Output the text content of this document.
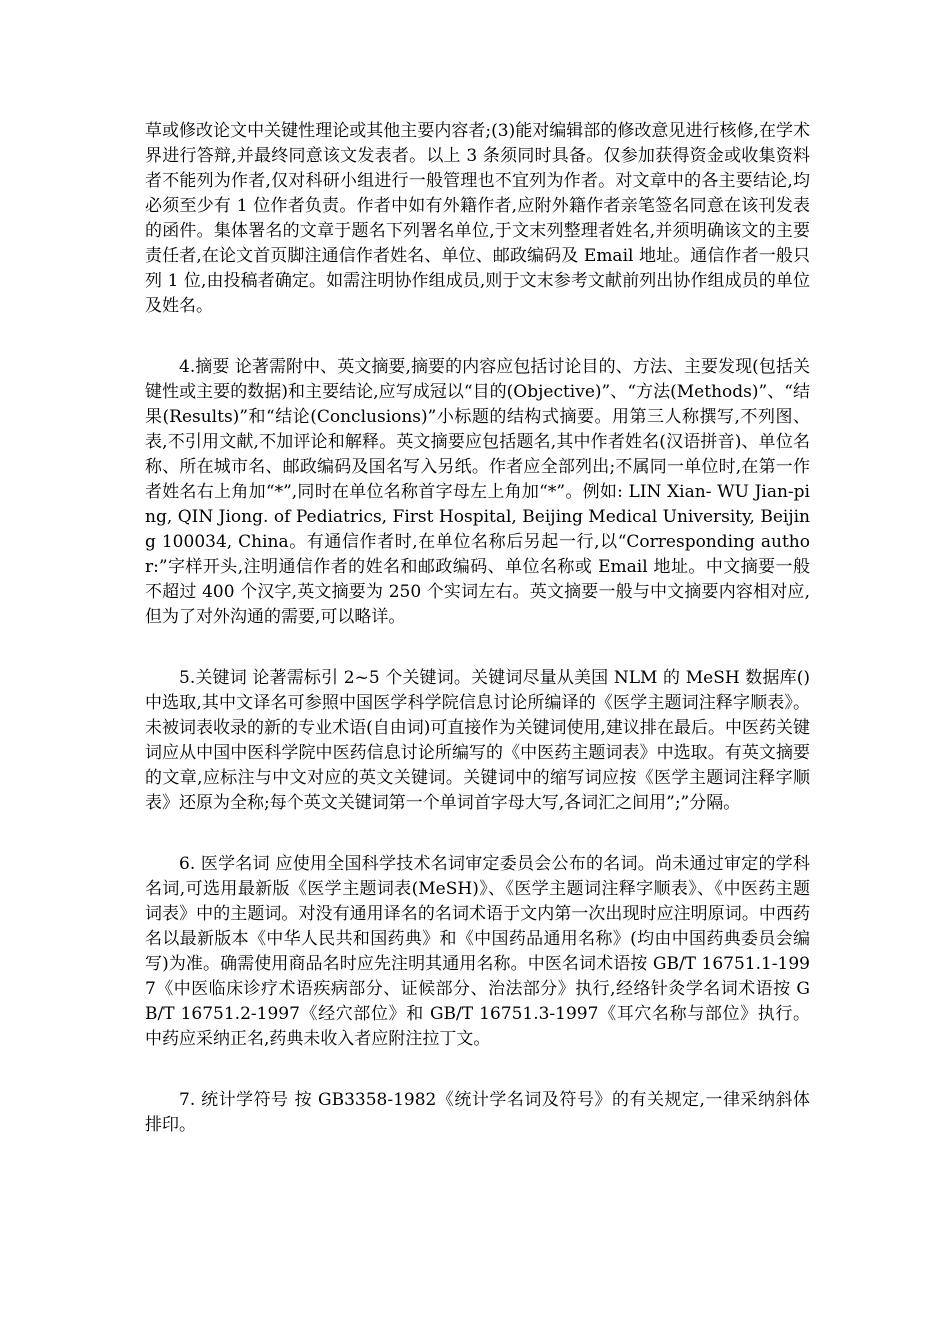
草或修改论文中关键性理论或其他主要内容者;(3)能对编辑部的修改意见进行核修,在学术界进行答辩,并最终同意该文发表者。以上 3 条须同时具备。仅参加获得资金或收集资料者不能列为作者,仅对科研小组进行一般管理也不宜列为作者。对文章中的各主要结论,均必须至少有 1 位作者负责。作者中如有外籍作者,应附外籍作者亲笔签名同意在该刊发表的函件。集体署名的文章于题名下列署名单位,于文末列整理者姓名,并须明确该文的主要责任者,在论文首页脚注通信作者姓名、单位、邮政编码及 Email 地址。通信作者一般只列 1 位,由投稿者确定。如需注明协作组成员,则于文末参考文献前列出协作组成员的单位及姓名。

4.摘要 论著需附中、英文摘要,摘要的内容应包括讨论目的、方法、主要发现(包括关键性或主要的数据)和主要结论,应写成冠以“目的(Objective)”、“方法(Methods)”、“结果(Results)”和“结论(Conclusions)”小标题的结构式摘要。用第三人称撰写,不列图、表,不引用文献,不加评论和解释。英文摘要应包括题名,其中作者姓名(汉语拼音)、单位名称、所在城市名、邮政编码及国名写入另纸。作者应全部列出;不属同一单位时,在第一作者姓名右上角加“*”,同时在单位名称首字母左上角加“*”。例如: LIN Xian- WU Jian-ping, QIN Jiong. of Pediatrics, First Hospital, Beijing Medical University, Beijing 100034, China。有通信作者时,在单位名称后另起一行,以“Corresponding author:”字样开头,注明通信作者的姓名和邮政编码、单位名称或 Email 地址。中文摘要一般不超过 400 个汉字,英文摘要为 250 个实词左右。英文摘要一般与中文摘要内容相对应,但为了对外沟通的需要,可以略详。

5.关键词 论著需标引 2~5 个关键词。关键词尽量从美国 NLM 的 MeSH 数据库()中选取,其中文译名可参照中国医学科学院信息讨论所编译的《医学主题词注释字顺表》。未被词表收录的新的专业术语(自由词)可直接作为关键词使用,建议排在最后。中医药关键词应从中国中医科学院中医药信息讨论所编写的《中医药主题词表》中选取。有英文摘要的文章,应标注与中文对应的英文关键词。关键词中的缩写词应按《医学主题词注释字顺表》还原为全称;每个英文关键词第一个单词首字母大写,各词汇之间用”;”分隔。

6. 医学名词 应使用全国科学技术名词审定委员会公布的名词。尚未通过审定的学科名词,可选用最新版《医学主题词表(MeSH)》、《医学主题词注释字顺表》、《中医药主题词表》中的主题词。对没有通用译名的名词术语于文内第一次出现时应注明原词。中西药名以最新版本《中华人民共和国药典》和《中国药品通用名称》(均由中国药典委员会编写)为准。确需使用商品名时应先注明其通用名称。中医名词术语按 GB/T 16751.1-1997《中医临床诊疗术语疾病部分、证候部分、治法部分》执行,经络针灸学名词术语按 GB/T 16751.2-1997《经穴部位》和 GB/T 16751.3-1997《耳穴名称与部位》执行。中药应采纳正名,药典未收入者应附注拉丁文。

7. 统计学符号 按 GB3358-1982《统计学名词及符号》的有关规定,一律采纳斜体排印。
